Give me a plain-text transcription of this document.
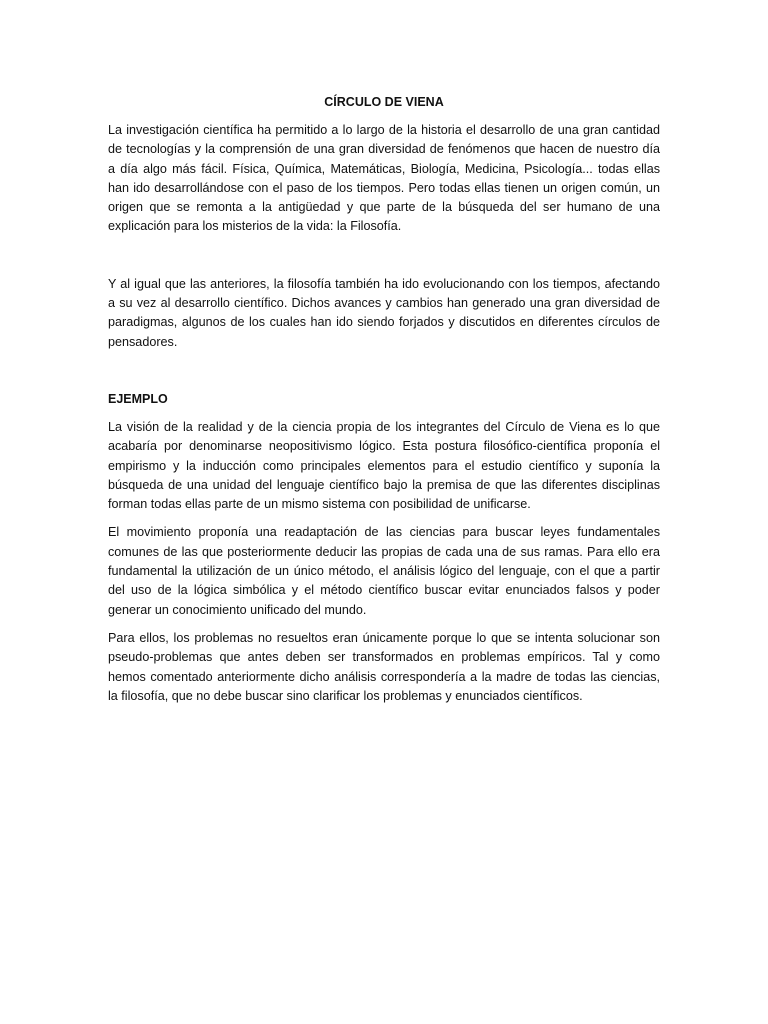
CÍRCULO DE VIENA

La investigación científica ha permitido a lo largo de la historia el desarrollo de una gran cantidad de tecnologías y la comprensión de una gran diversidad de fenómenos que hacen de nuestro día a día algo más fácil. Física, Química, Matemáticas, Biología, Medicina, Psicología... todas ellas han ido desarrollándose con el paso de los tiempos. Pero todas ellas tienen un origen común, un origen que se remonta a la antigüedad y que parte de la búsqueda del ser humano de una explicación para los misterios de la vida: la Filosofía.

Y al igual que las anteriores, la filosofía también ha ido evolucionando con los tiempos, afectando a su vez al desarrollo científico. Dichos avances y cambios han generado una gran diversidad de paradigmas, algunos de los cuales han ido siendo forjados y discutidos en diferentes círculos de pensadores.

EJEMPLO

La visión de la realidad y de la ciencia propia de los integrantes del Círculo de Viena es lo que acabaría por denominarse neopositivismo lógico. Esta postura filosófico-científica proponía el empirismo y la inducción como principales elementos para el estudio científico y suponía la búsqueda de una unidad del lenguaje científico bajo la premisa de que las diferentes disciplinas forman todas ellas parte de un mismo sistema con posibilidad de unificarse.

El movimiento proponía una readaptación de las ciencias para buscar leyes fundamentales comunes de las que posteriormente deducir las propias de cada una de sus ramas. Para ello era fundamental la utilización de un único método, el análisis lógico del lenguaje, con el que a partir del uso de la lógica simbólica y el método científico buscar evitar enunciados falsos y poder generar un conocimiento unificado del mundo.

Para ellos, los problemas no resueltos eran únicamente porque lo que se intenta solucionar son pseudo-problemas que antes deben ser transformados en problemas empíricos. Tal y como hemos comentado anteriormente dicho análisis correspondería a la madre de todas las ciencias, la filosofía, que no debe buscar sino clarificar los problemas y enunciados científicos.
